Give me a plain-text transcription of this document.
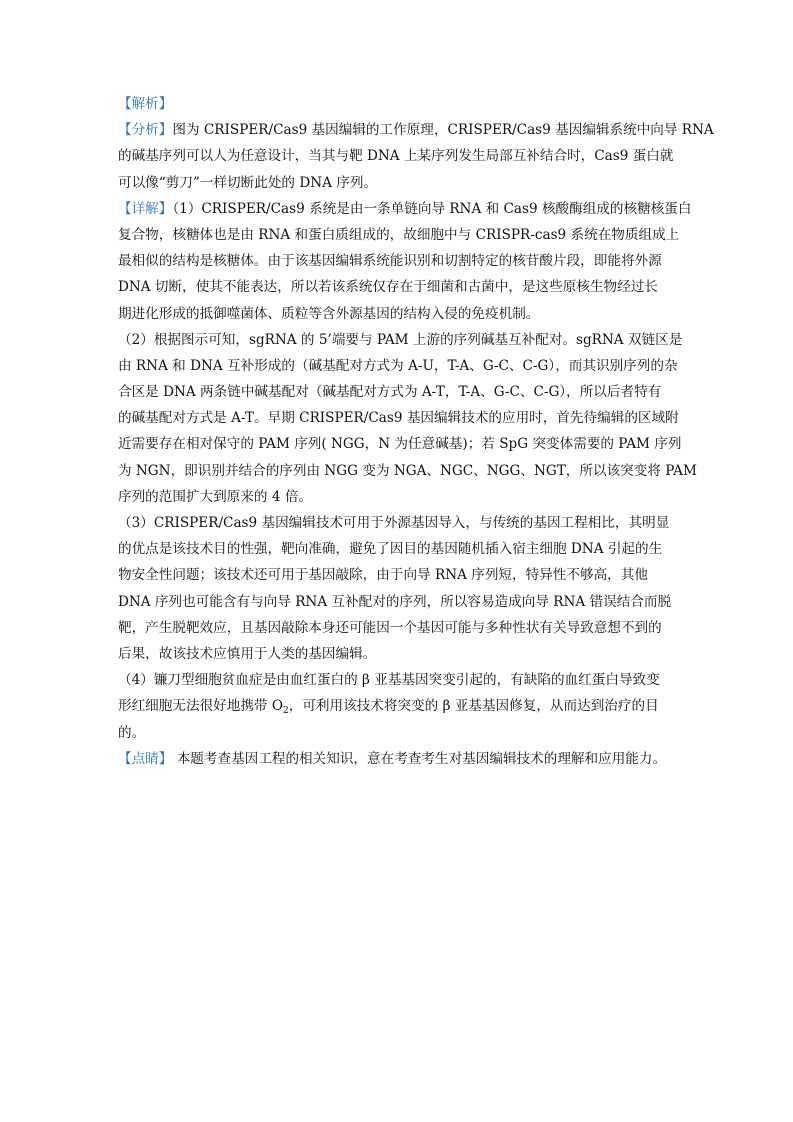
【解析】
【分析】图为 CRISPER/Cas9 基因编辑的工作原理，CRISPER/Cas9 基因编辑系统中向导 RNA
的碱基序列可以人为任意设计，当其与靶 DNA 上某序列发生局部互补结合时，Cas9 蛋白就
可以像“剪刀”一样切断此处的 DNA 序列。
【详解】（1）CRISPER/Cas9 系统是由一条单链向导 RNA 和 Cas9 核酸酶组成的核糖核蛋白
复合物，核糖体也是由 RNA 和蛋白质组成的，故细胞中与 CRISPR-cas9 系统在物质组成上
最相似的结构是核糖体。由于该基因编辑系统能识别和切割特定的核苷酸片段，即能将外源
DNA 切断，使其不能表达，所以若该系统仅存在于细菌和古菌中，是这些原核生物经过长
期进化形成的抵御噬菌体、质粒等含外源基因的结构入侵的免疫机制。
（2）根据图示可知，sgRNA 的 5’端要与 PAM 上游的序列碱基互补配对。sgRNA 双链区是
由 RNA 和 DNA 互补形成的（碱基配对方式为 A-U，T-A、G-C、C-G），而其识别序列的杂
合区是 DNA 两条链中碱基配对（碱基配对方式为 A-T，T-A、G-C、C-G），所以后者特有
的碱基配对方式是 A-T。早期 CRISPER/Cas9 基因编辑技术的应用时，首先待编辑的区域附
近需要存在相对保守的 PAM 序列( NGG，N 为任意碱基)；若 SpG 突变体需要的 PAM 序列
为 NGN，即识别并结合的序列由 NGG 变为 NGA、NGC、NGG、NGT，所以该突变将 PAM
序列的范围扩大到原来的 4 倍。
（3）CRISPER/Cas9 基因编辑技术可用于外源基因导入，与传统的基因工程相比，其明显
的优点是该技术目的性强，靶向准确，避免了因目的基因随机插入宿主细胞 DNA 引起的生
物安全性问题；该技术还可用于基因敲除，由于向导 RNA 序列短，特异性不够高，其他
DNA 序列也可能含有与向导 RNA 互补配对的序列，所以容易造成向导 RNA 错误结合而脱
靶，产生脱靶效应，且基因敲除本身还可能因一个基因可能与多种性状有关导致意想不到的
后果，故该技术应慎用于人类的基因编辑。
（4）镰刀型细胞贫血症是由血红蛋白的 β 亚基基因突变引起的，有缺陷的血红蛋白导致变
形红细胞无法很好地携带 $O_2$，可利用该技术将突变的 β 亚基基因修复，从而达到治疗的目
的。
【点睛】 本题考查基因工程的相关知识，意在考查考生对基因编辑技术的理解和应用能力。
